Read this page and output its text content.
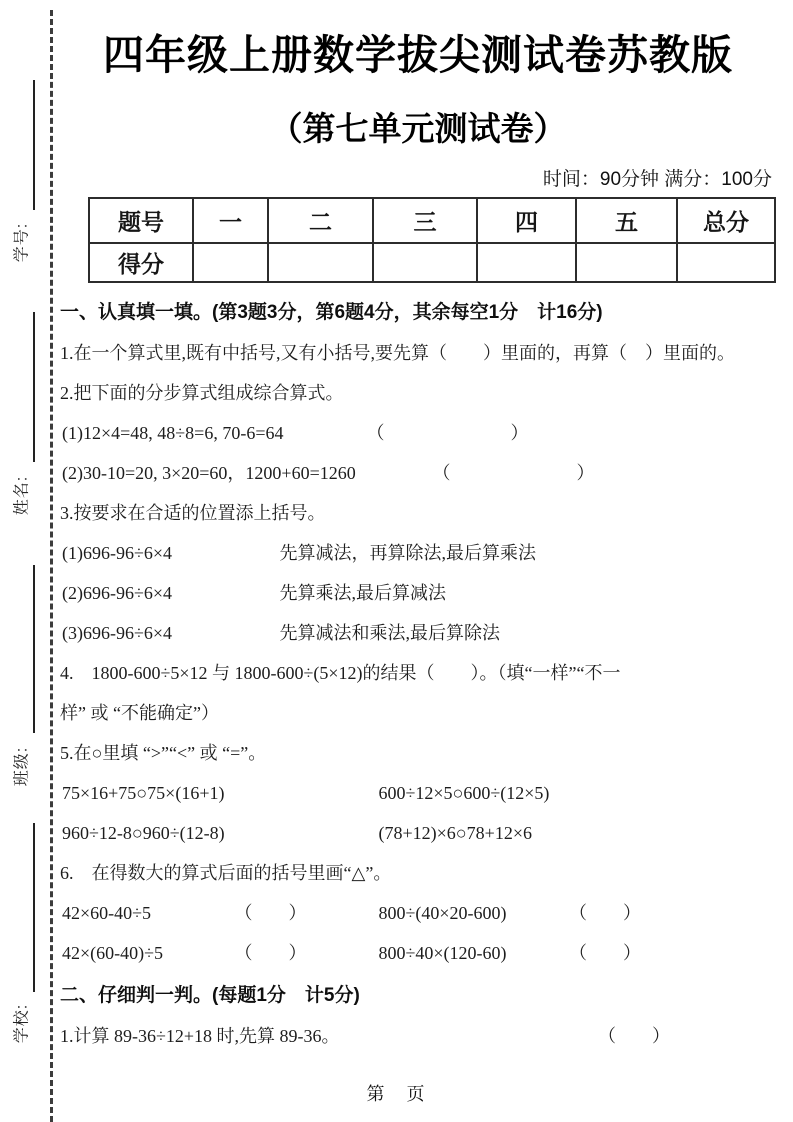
学号:
姓名:
班级:
学校:
四年级上册数学拔尖测试卷苏教版
（第七单元测试卷）
时间：90分钟 满分：100分
题号	一	二	三	四	五	总分
得分						
一、认真填一填。(第3题3分，第6题4分，其余每空1分　计16分)

1.在一个算式里,既有中括号,又有小括号,要先算（　　）里面的，再算（　）里面的。

2.把下面的分步算式组成综合算式。

(1)12×4=48, 48÷8=6, 70-6=64	（　　　　　　　）

(2)30-10=20, 3×20=60，1200+60=1260	（　　　　　　　）

3.按要求在合适的位置添上括号。

(1)696-96÷6×4	先算减法，再算除法,最后算乘法

(2)696-96÷6×4	先算乘法,最后算减法

(3)696-96÷6×4	先算减法和乘法,最后算除法

4.　1800-600÷5×12 与 1800-600÷(5×12)的结果（　　）。（填“一样”“不一

样” 或 “不能确定”）

5.在○里填 “>”“<” 或 “=”。

75×16+75○75×(16+1)	600÷12×5○600÷(12×5)

960÷12-8○960÷(12-8)	(78+12)×6○78+12×6

6.　在得数大的算式后面的括号里画“△”。

42×60-40÷5	（　　）	800÷(40×20-600)	（　　）

42×(60-40)÷5	（　　）	800÷40×(120-60)	（　　）

二、仔细判一判。(每题1分　计5分)

1.计算 89-36÷12+18 时,先算 89-36。	（　　）

第　页
